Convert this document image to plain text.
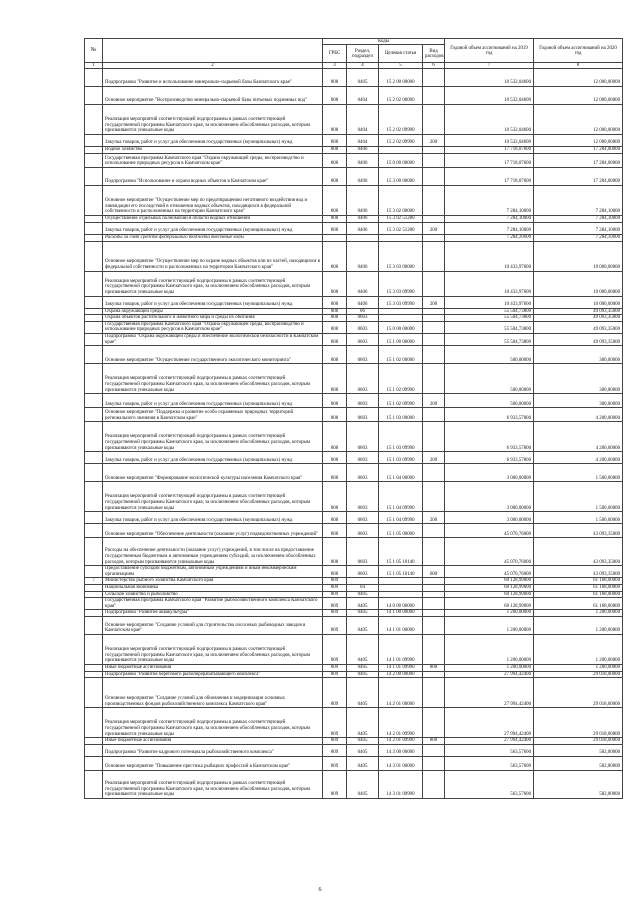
№		Коды				Годовой объем ассигнований на 2019 год	Годовой объем ассигнований на 2020 год
		ГРБС	Раздел, подраздел	Целевая статья	Вид расходов		
1	2	3	4	5	6	7	8
	Подпрограмма "Развитие и использование минерально-сырьевой базы Камчатского края"	808	0405	15 2 00 00000		10 532,04600	12 000,00000
	Основное мероприятие "Воспроизводство минерально-сырьевой базы питьевых подземных вод"	808	0404	15 2 02 00000		10 532,04600	12 000,00000
	Реализация мероприятий соответствующей подпрограммы в рамках соответствующей государственной программы Камчатского края, за исключением обособленных расходов, которым присваиваются уникальные коды	808	0404	15 2 02 09990		10 532,04600	12 000,00000
	Закупка товаров, работ и услуг для обеспечения государственных (муниципальных) нужд	808	0404	15 2 02 09990	200	10 532,04600	12 000,00000
	Водное хозяйство	808	0406			17 718,07600	17 284,00000
	Государственная программа Камчатского края "Охрана окружающей среды, воспроизводство и использование природных ресурсов в Камчатском крае"	808	0406	15 0 00 00000		17 718,07600	17 284,00000
	Подпрограмма "Использование и охрана водных объектов в Камчатском крае"	808	0406	15 3 00 00000		17 718,07600	17 284,00000
	Основное мероприятие "Осуществление мер по предотвращению негативного воздействия вод и ликвидации его последствий в отношении водных объектов, находящихся в федеральной собственности и расположенных на территории Камчатского края"	808	0406	15 3 02 00000		7 284,10000	7 284,10000
	Осуществление отдельных полномочий в области водных отношений	808	0406	15 3 02 51280		7 284,10000	7 284,10000
	Закупка товаров, работ и услуг для обеспечения государственных (муниципальных) нужд	808	0406	15 3 02 51280	200	7 284,10000	7 284,10000
	Расходы за счет средств федерального бюджета внесенные коды					7 284,10000	7 284,10000
	Основное мероприятие "Осуществление мер по охране водных объектов или их частей, находящихся в федеральной собственности и расположенных на территории Камчатского края"	808	0406	15 3 03 00000		10 433,97600	10 000,00000
	Реализация мероприятий соответствующей подпрограммы в рамках соответствующей государственной программы Камчатского края, за исключением обособленных расходов, которым присваиваются уникальные коды	808	0406	15 3 03 09990		10 433,97600	10 000,00000
	Закупка товаров, работ и услуг для обеспечения государственных (муниципальных) нужд	808	0406	15 3 03 09990	200	10 433,97600	10 000,00000
	Охрана окружающей среды	808	06			55 504,73800	49 093,35000
	Охрана объектов растительного и животного мира и среды их обитания	808	0603			55 504,73800	49 093,35000
	Государственная программа Камчатского края "Охрана окружающей среды, воспроизводство и использование природных ресурсов в Камчатском крае"	808	0603	15 0 00 00000		55 504,73800	49 093,35000
	Подпрограмма "Охрана окружающей среды и обеспечение экологической безопасности в Камчатском крае"	808	0603	15 1 00 00000		55 504,73800	49 093,35000
	Основное мероприятие "Осуществление государственного экологического мониторинга"	808	0603	15 1 02 00000		500,00000	300,00000
	Реализация мероприятий соответствующей подпрограммы в рамках соответствующей государственной программы Камчатского края, за исключением обособленных расходов, которым присваиваются уникальные коды	808	0603	15 1 02 09990		500,00000	300,00000
	Закупка товаров, работ и услуг для обеспечения государственных (муниципальных) нужд	808	0603	15 1 02 09990	200	500,00000	300,00000
	Основное мероприятие "Поддержка и развитие особо охраняемых природных территорий регионального значения в Камчатском крае"	808	0603	15 1 03 00000		6 933,57800	4 200,00000
	Реализация мероприятий соответствующей подпрограммы в рамках соответствующей государственной программы Камчатского края, за исключением обособленных расходов, которым присваиваются уникальные коды	808	0603	15 1 03 09990		6 933,57800	4 200,00000
	Закупка товаров, работ и услуг для обеспечения государственных (муниципальных) нужд	808	0603	15 1 03 09990	200	6 933,57800	4 200,00000
	Основное мероприятие "Формирование экологической культуры населения Камчатского края"	808	0603	15 1 04 00000		3 000,00000	1 500,00000
	Реализация мероприятий соответствующей подпрограммы в рамках соответствующей государственной программы Камчатского края, за исключением обособленных расходов, которым присваиваются уникальные коды	808	0603	15 1 04 09990		3 000,00000	1 500,00000
	Закупка товаров, работ и услуг для обеспечения государственных (муниципальных) нужд	808	0603	15 1 04 09990	200	3 000,00000	1 500,00000
	Основное мероприятие "Обеспечение деятельности (оказание услуг) подведомственных учреждений"	808	0603	15 1 05 00000		45 070,76000	43 093,35000
	Расходы на обеспечение деятельности (оказание услуг) учреждений, в том числе на предоставление государственным бюджетным и автономным учреждениям субсидий, за исключением обособленных расходов, которым присваиваются уникальные коды	808	0603	15 1 05 10140		45 070,76000	43 093,35000
	Предоставление субсидий бюджетным, автономным учреждениям и иным некоммерческим организациям	808	0603	15 1 05 10140	600	45 070,76000	43 093,35000
7	Министерство рыбного хозяйства Камчатского края	809				60 128,99000	61 168,00000
	Национальная экономика	809	04			60 128,99000	61 168,00000
	Сельское хозяйство и рыболовство	809	0405			60 128,99000	61 168,00000
	Государственная программа Камчатского края "Развитие рыбохозяйственного комплекса Камчатского края"	809	0405	14 0 00 00000		60 128,99000	61 168,00000
	Подпрограмма "Развитие аквакультуры"	809	0405	14 1 00 00000		1 200,00000	1 200,00000
	Основное мероприятие "Создание условий для строительства лососевых рыбоводных заводов в Камчатском крае"	809	0405	14 1 01 00000		1 200,00000	1 200,00000
	Реализация мероприятий соответствующей подпрограммы в рамках соответствующей государственной программы Камчатского края, за исключением обособленных расходов, которым присваиваются уникальные коды	809	0405	14 1 01 09990		1 200,00000	1 200,00000
	Иные бюджетные ассигнования	809	0405	14 1 01 09990	800	1 200,00000	1 200,00000
	Подпрограмма "Развитие берегового рыбоперерабатывающего комплекса"	809	0405	14 2 00 00000		27 994,42400	29 018,00000
	Основное мероприятие "Создание условий для обновления и модернизации основных производственных фондов рыбохозяйственного комплекса Камчатского края"	809	0405	14 2 01 00000		27 994,42400	29 018,00000
	Реализация мероприятий соответствующей подпрограммы в рамках соответствующей государственной программы Камчатского края, за исключением обособленных расходов, которым присваиваются уникальные коды	809	0405	14 2 01 09990		27 994,42400	29 018,00000
	Иные бюджетные ассигнования	809	0405	14 2 01 09990	800	27 994,42400	29 018,00000
	Подпрограмма "Развитие кадрового потенциала рыбохозяйственного комплекса"	809	0405	14 3 00 00000		563,57600	582,00000
	Основное мероприятие "Повышение престижа рыбацких профессий в Камчатском крае"	809	0405	14 3 01 00000		563,57600	582,00000
	Реализация мероприятий соответствующей подпрограммы в рамках соответствующей государственной программы Камчатского края, за исключением обособленных расходов, которым присваиваются уникальные коды	809	0405	14 3 01 09990		563,57600	582,00000
6
